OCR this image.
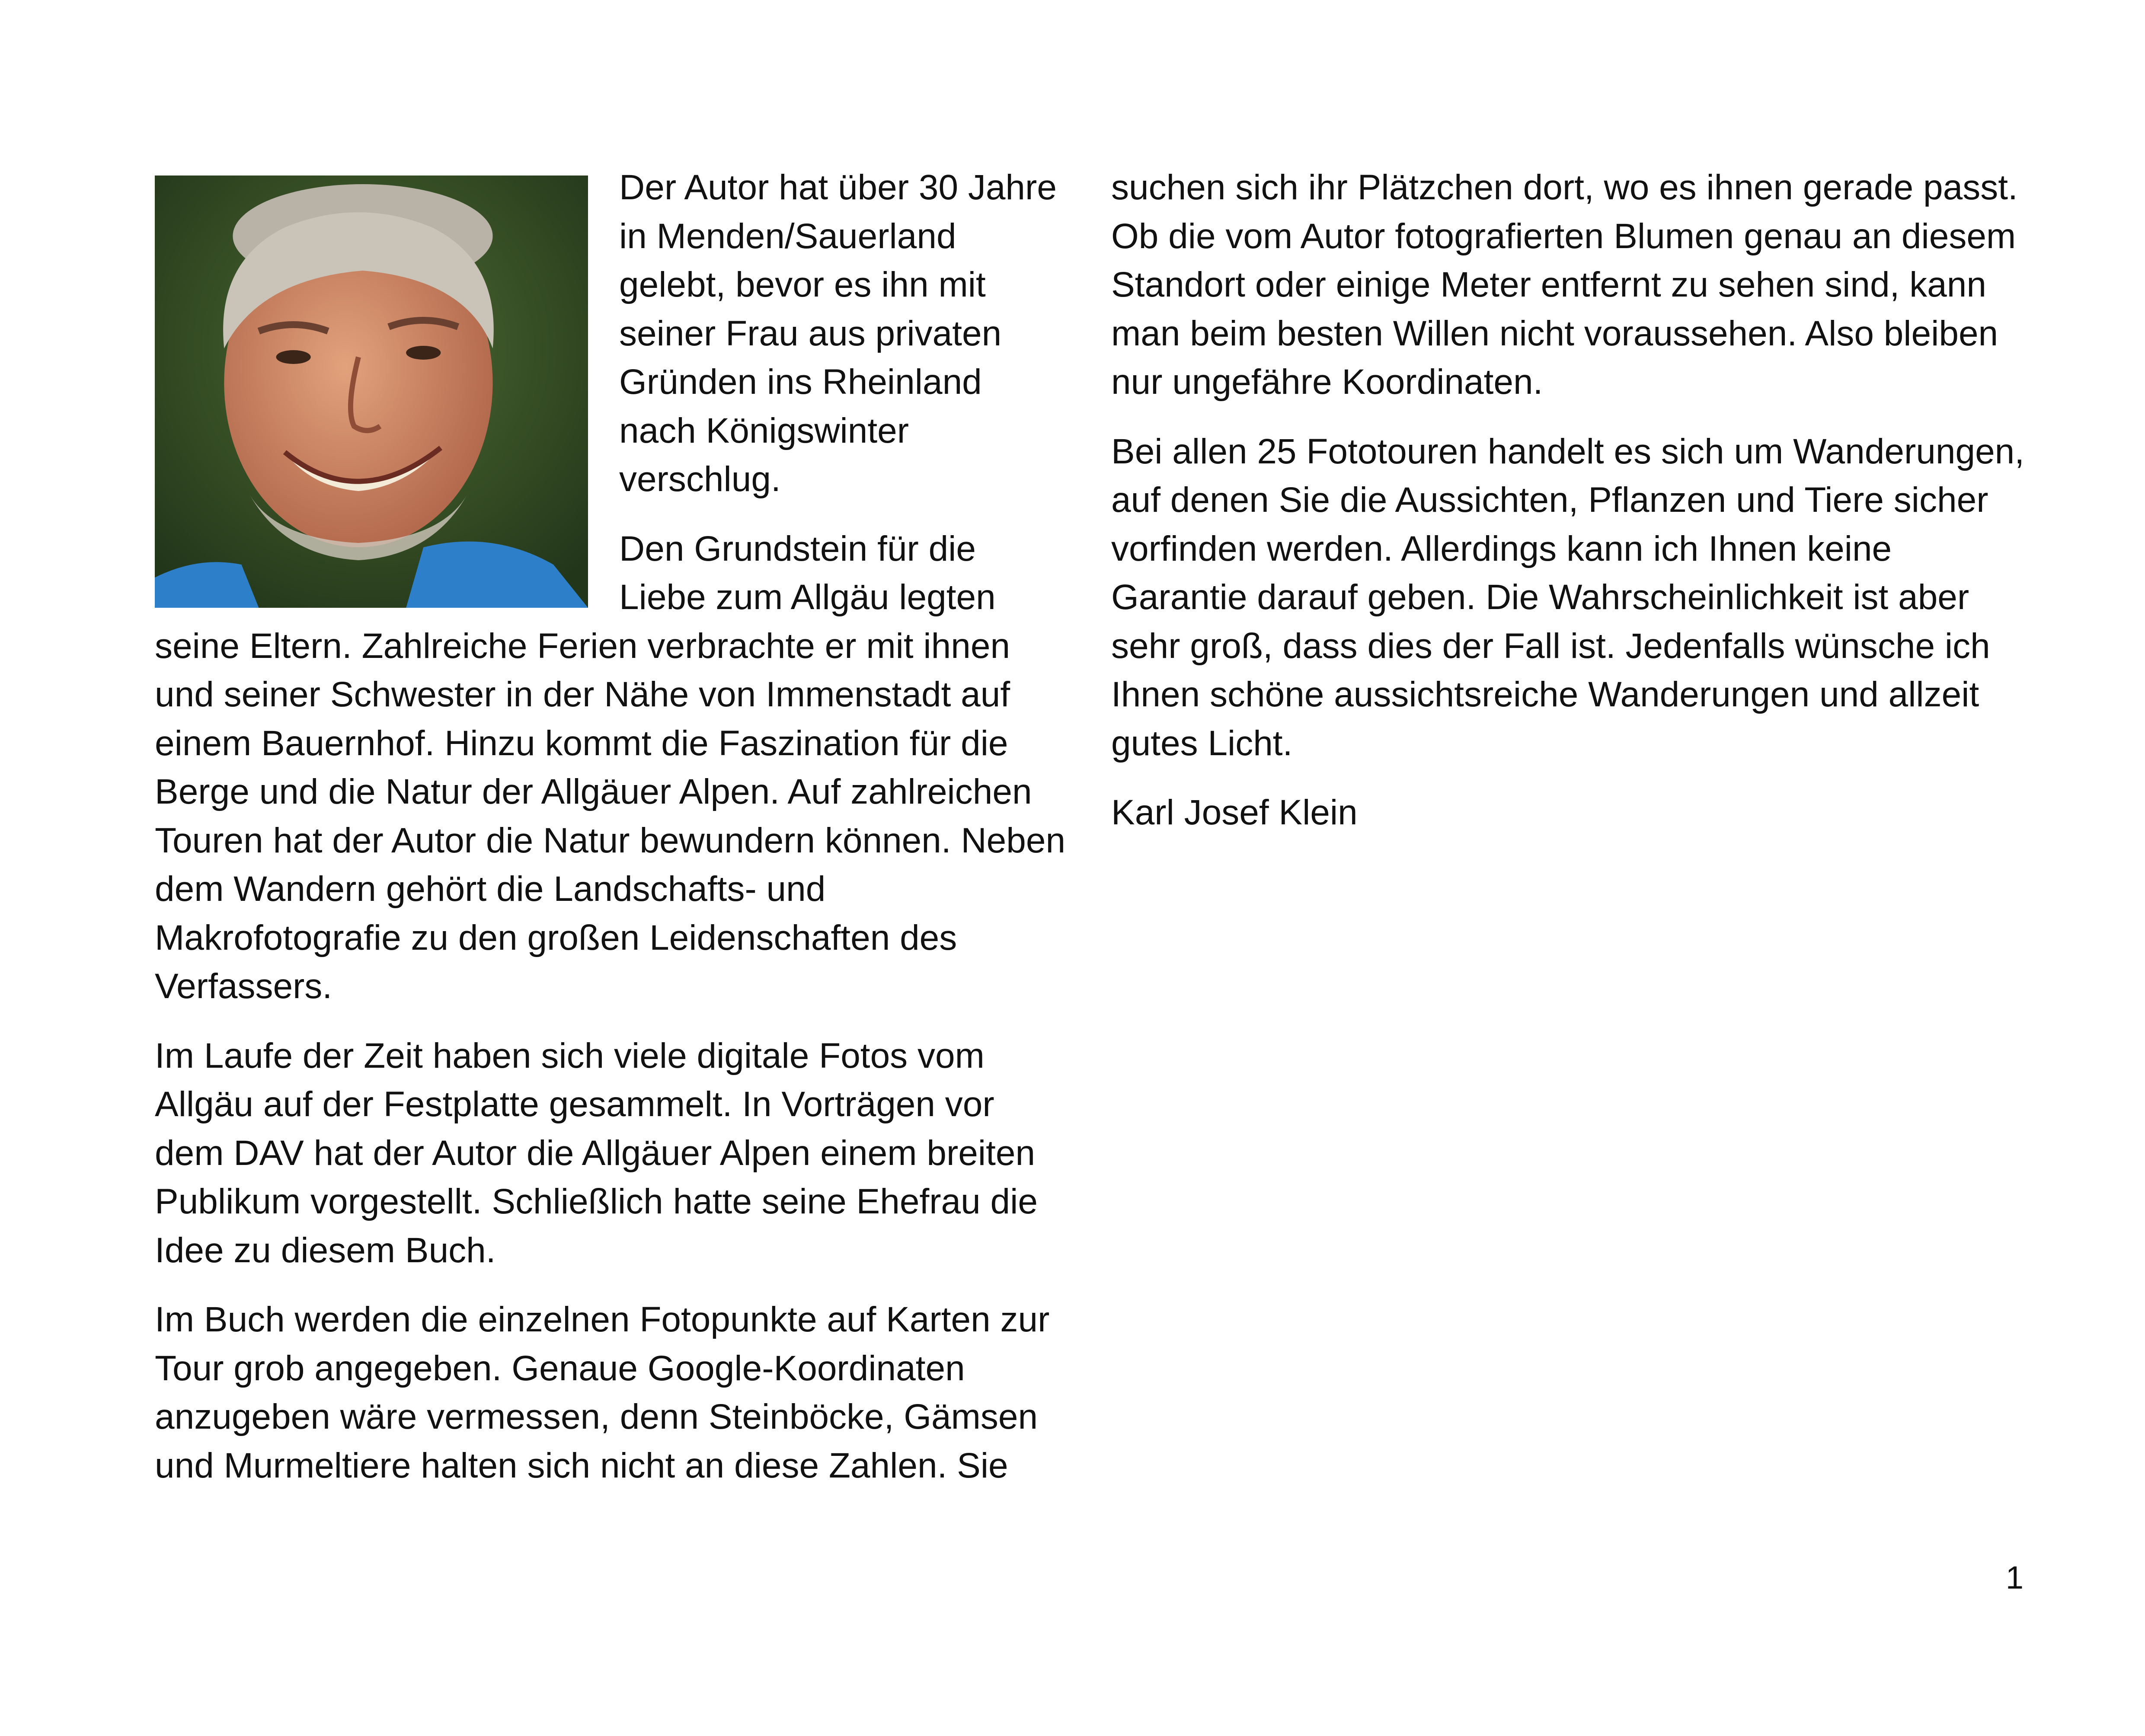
Der Autor hat über 30 Jahre in Menden/Sauerland gelebt, bevor es ihn mit seiner Frau aus privaten Gründen ins Rheinland nach Königswinter verschlug.

Den Grundstein für die Liebe zum Allgäu legten seine Eltern. Zahlreiche Ferien verbrachte er mit ihnen und seiner Schwester in der Nähe von Immenstadt auf einem Bauernhof. Hinzu kommt die Faszination für die Berge und die Natur der Allgäuer Alpen. Auf zahlreichen Touren hat der Autor die Natur bewundern können. Neben dem Wandern gehört die Landschafts- und Makrofotografie zu den großen Leidenschaften des Verfassers.

Im Laufe der Zeit haben sich viele digitale Fotos vom Allgäu auf der Festplatte gesammelt. In Vorträgen vor dem DAV hat der Autor die Allgäuer Alpen einem breiten Publikum vorgestellt. Schließlich hatte seine Ehefrau die Idee zu diesem Buch.

Im Buch werden die einzelnen Fotopunkte auf Karten zur Tour grob angegeben. Genaue Google-Koordinaten anzugeben wäre vermessen, denn Steinböcke, Gämsen und Murmeltiere halten sich nicht an diese Zahlen. Sie

suchen sich ihr Plätzchen dort, wo es ihnen gerade passt. Ob die vom Autor fotografierten Blumen genau an diesem Standort oder einige Meter entfernt zu sehen sind, kann man beim besten Willen nicht voraussehen. Also bleiben nur ungefähre Koordinaten.

Bei allen 25 Fototouren handelt es sich um Wanderungen, auf denen Sie die Aussichten, Pflanzen und Tiere sicher vorfinden werden. Allerdings kann ich Ihnen keine Garantie darauf geben. Die Wahrscheinlichkeit ist aber sehr groß, dass dies der Fall ist. Jedenfalls wünsche ich Ihnen schöne aussichtsreiche Wanderungen und allzeit gutes Licht.

Karl Josef Klein

1
